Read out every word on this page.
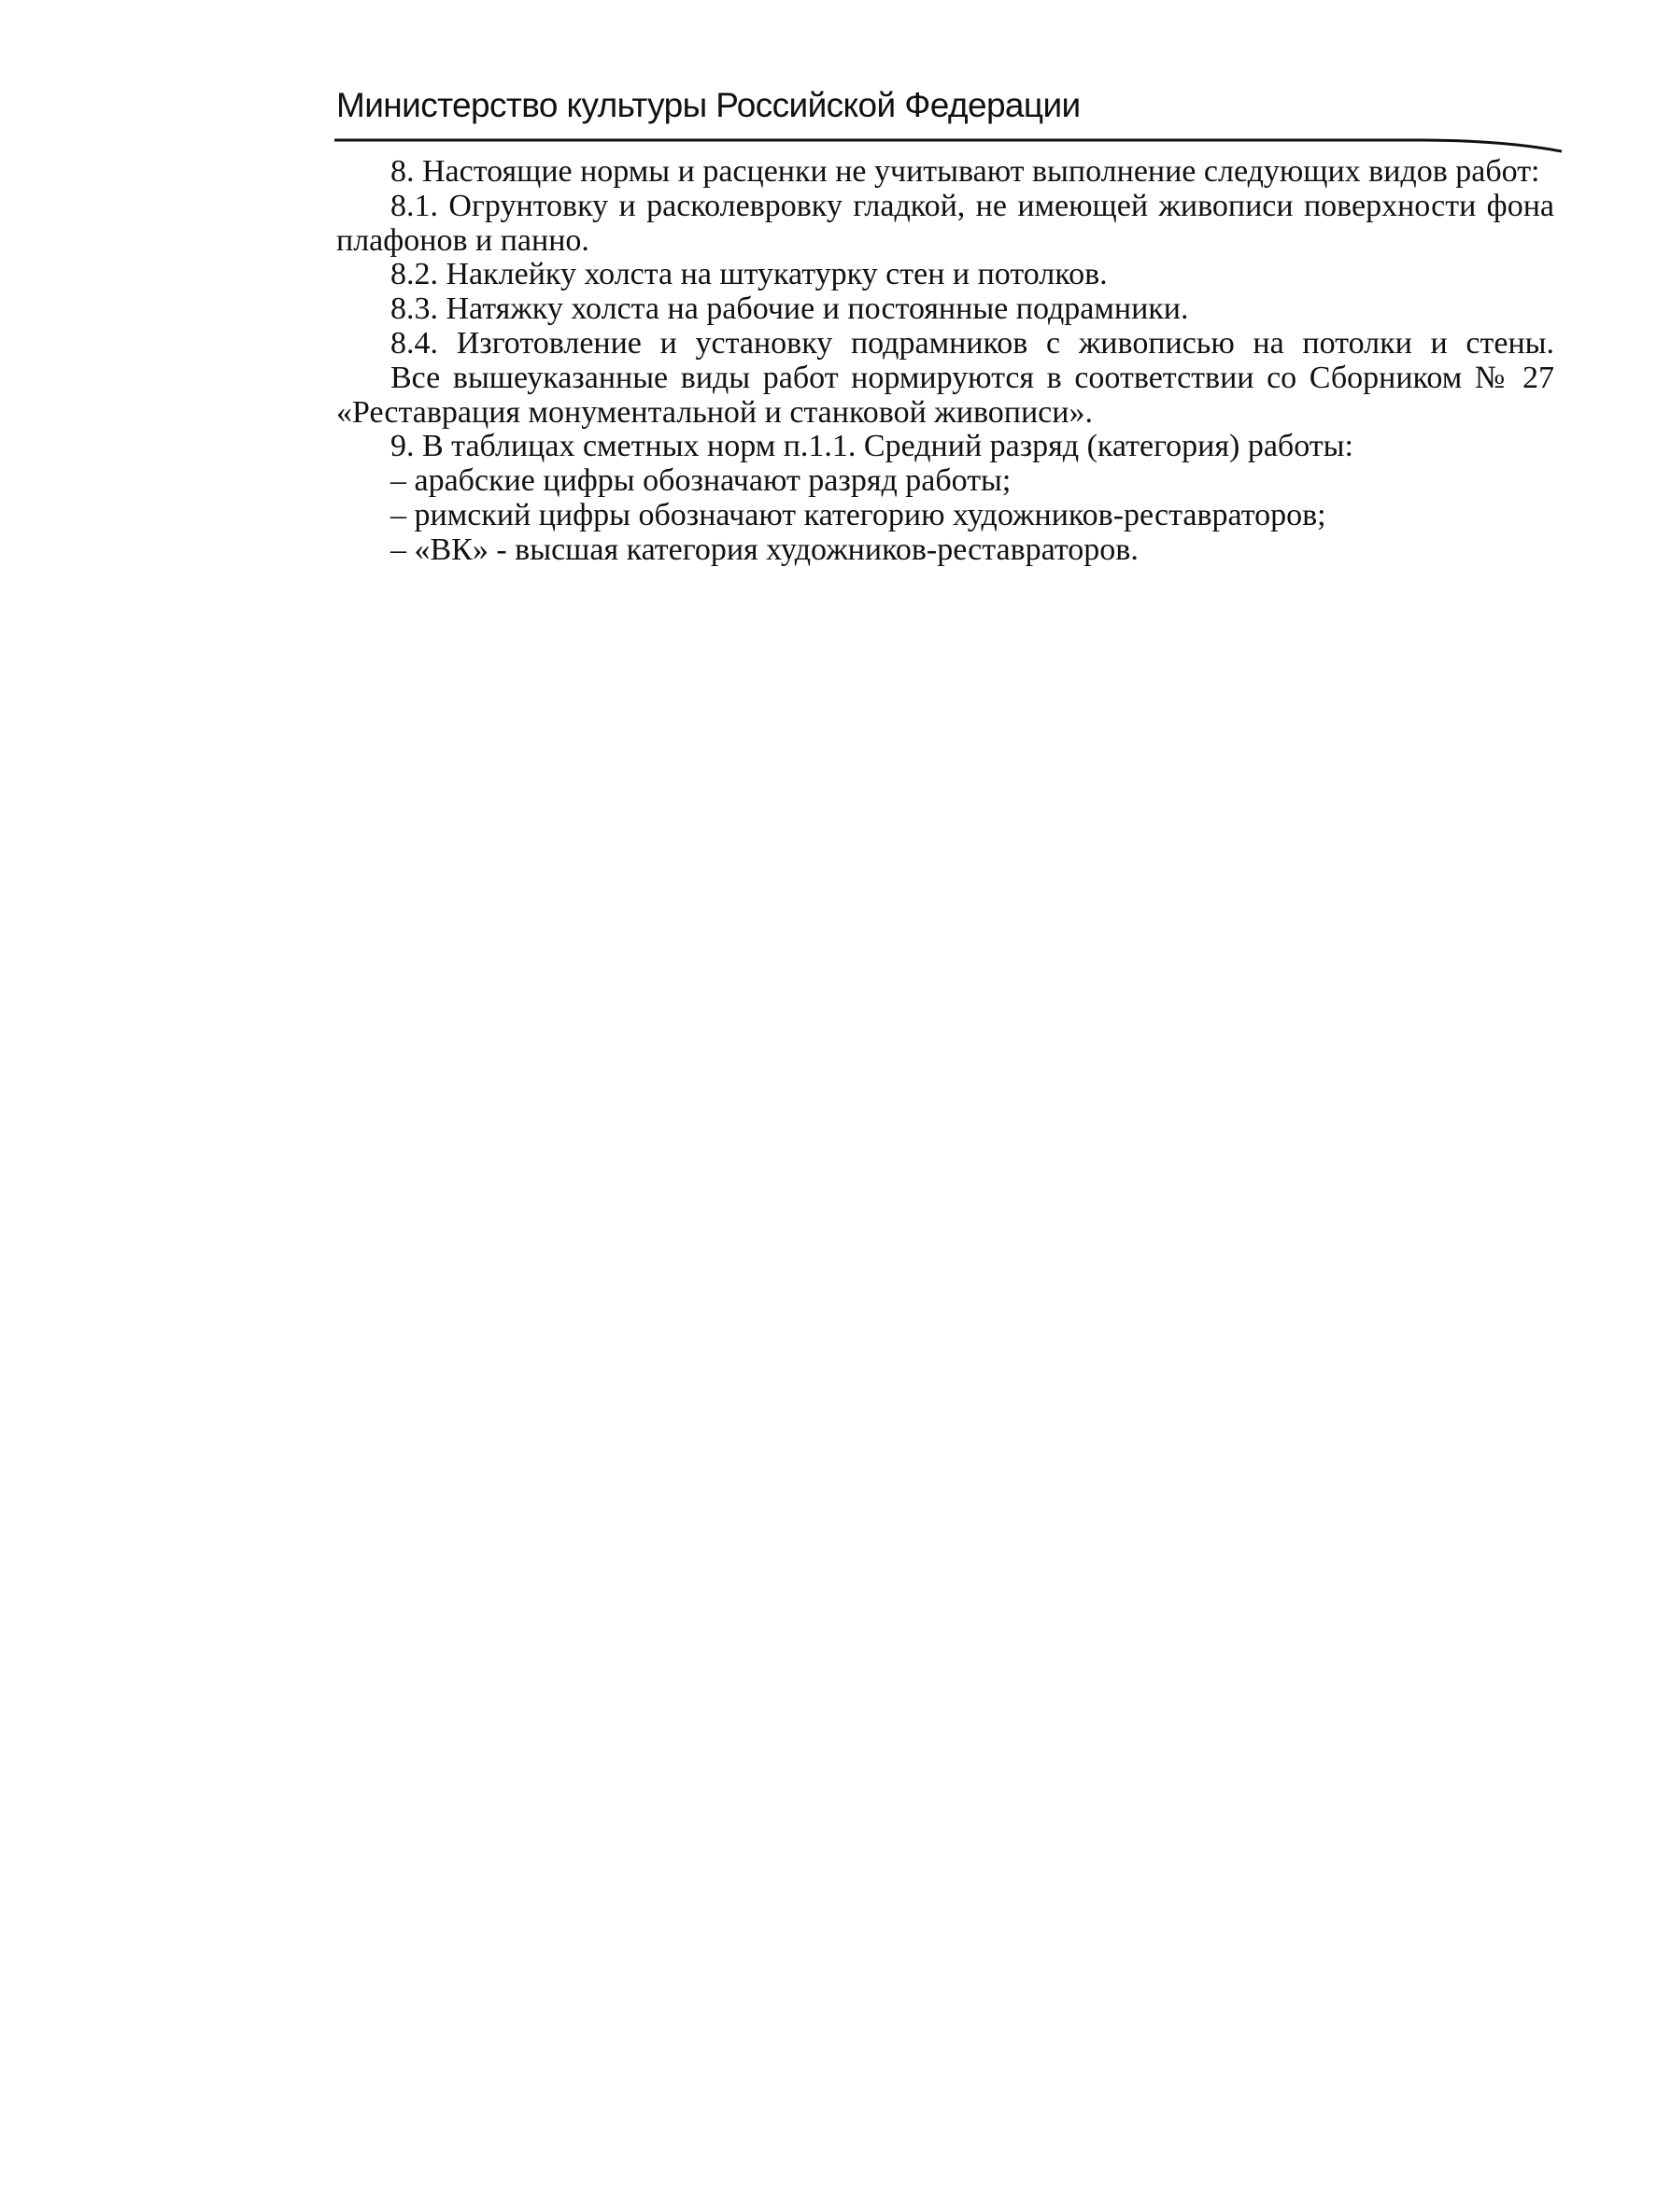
Министерство культуры Российской Федерации

8. Настоящие нормы и расценки не учитывают выполнение следующих видов работ:

8.1. Огрунтовку и расколевровку гладкой, не имеющей живописи поверхности фона плафонов и панно.

8.2. Наклейку холста на штукатурку стен и потолков.

8.3. Натяжку холста на рабочие и постоянные подрамники.

8.4. Изготовление и установку подрамников с живописью на потолки и стены.

Все вышеуказанные виды работ нормируются в соответствии со Сборником № 27 «Реставрация монументальной и станковой живописи».

9. В таблицах сметных норм п.1.1. Средний разряд (категория) работы:

– арабские цифры обозначают разряд работы;

– римский цифры обозначают категорию художников-реставраторов;

– «ВК» - высшая категория художников-реставраторов.
